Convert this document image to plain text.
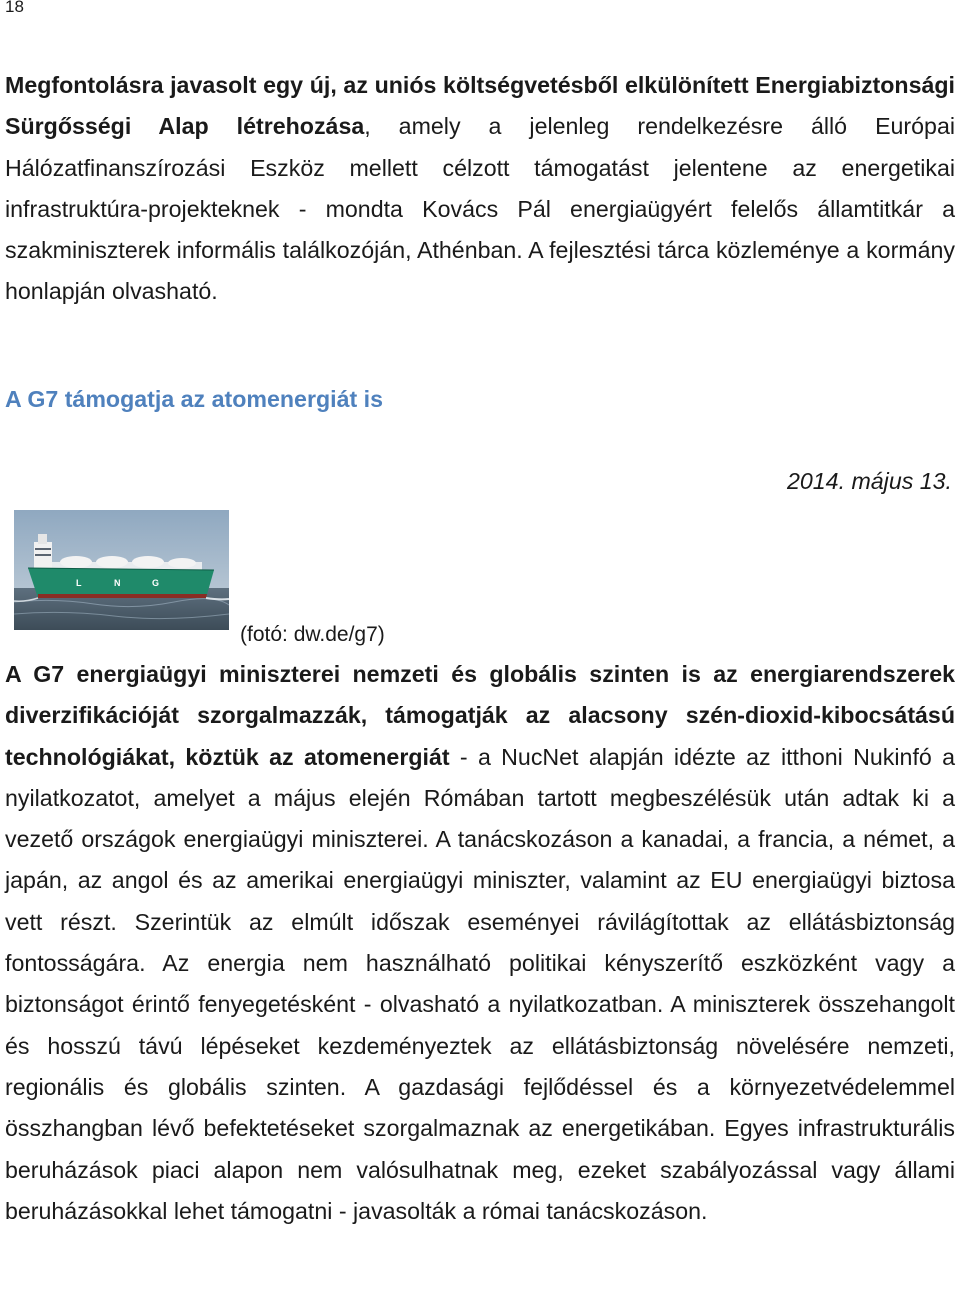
18

Megfontolásra javasolt egy új, az uniós költségvetésből elkülönített Energiabiztonsági Sürgősségi Alap létrehozása, amely a jelenleg rendelkezésre álló Európai Hálózatfinanszírozási Eszköz mellett célzott támogatást jelentene az energetikai infrastruktúra-projekteknek - mondta Kovács Pál energiaügyért felelős államtitkár a szakminiszterek informális találkozóján, Athénban. A fejlesztési tárca közleménye a kormány honlapján olvasható.

A G7 támogatja az atomenergiát is
2014. május 13.
L	N	G
(fotó: dw.de/g7)

A G7 energiaügyi miniszterei nemzeti és globális szinten is az energiarendszerek diverzifikációját szorgalmazzák, támogatják az alacsony szén-dioxid-kibocsátású technológiákat, köztük az atomenergiát - a NucNet alapján idézte az itthoni Nukinfó a nyilatkozatot, amelyet a május elején Rómában tartott megbeszélésük után adtak ki a vezető országok energiaügyi miniszterei. A tanácskozáson a kanadai, a francia, a német, a japán, az angol és az amerikai energiaügyi miniszter, valamint az EU energiaügyi biztosa vett részt. Szerintük az elmúlt időszak eseményei rávilágítottak az ellátásbiztonság fontosságára. Az energia nem használható politikai kényszerítő eszközként vagy a biztonságot érintő fenyegetésként - olvasható a nyilatkozatban. A miniszterek összehangolt és hosszú távú lépéseket kezdeményeztek az ellátásbiztonság növelésére nemzeti, regionális és globális szinten. A gazdasági fejlődéssel és a környezetvédelemmel összhangban lévő befektetéseket szorgalmaznak az energetikában. Egyes infrastrukturális beruházások piaci alapon nem valósulhatnak meg, ezeket szabályozással vagy állami beruházásokkal lehet támogatni - javasolták a római tanácskozáson.
